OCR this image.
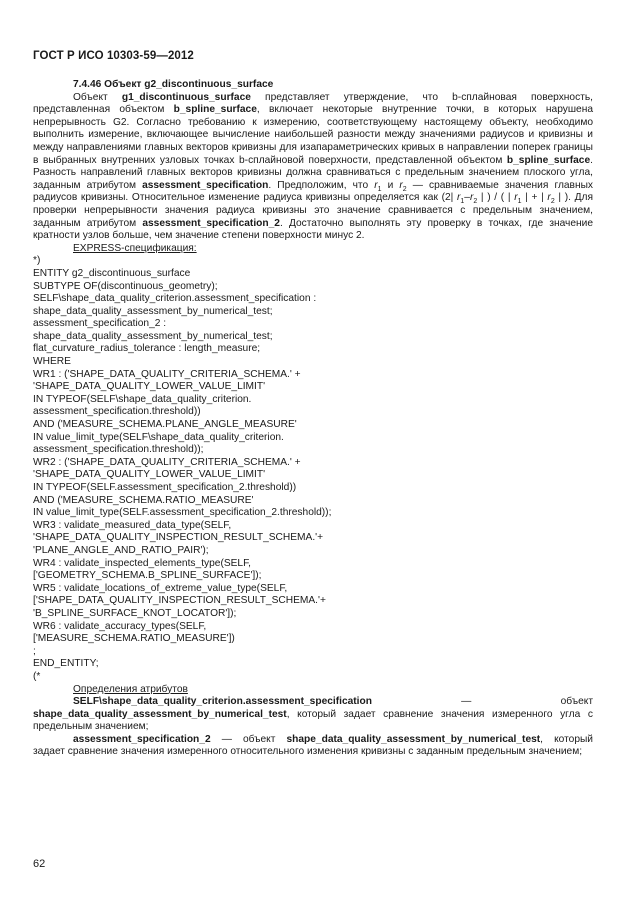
ГОСТ Р ИСО 10303-59—2012

7.4.46 Объект g2_discontinuous_surface

Объект g1_discontinuous_surface представляет утверждение, что b-сплайновая поверхность, представленная объектом b_spline_surface, включает некоторые внутренние точки, в которых нарушена непрерывность G2. Согласно требованию к измерению, соответствующему настоящему объекту, необходимо выполнить измерение, включающее вычисление наибольшей разности между значениями радиусов и кривизны и между направлениями главных векторов кривизны для изапараметрических кривых в направлении поперек границы в выбранных внутренних узловых точках b-сплайновой поверхности, представленной объектом b_spline_surface. Разность направлений главных векторов кривизны должна сравниваться с предельным значением плоского угла, заданным атрибутом assessment_specification. Предположим, что $r_1$ и $r_2$ — сравниваемые значения главных радиусов кривизны. Относительное изменение радиуса кривизны определяется как (2| $r_1-r_2$ | ) / ( | $r_1$ | + | $r_2$ | ). Для проверки непрерывности значения радиуса кривизны это значение сравнивается с предельным значением, заданным атрибутом assessment_specification_2. Достаточно выполнять эту проверку в точках, где значение кратности узлов больше, чем значение степени поверхности минус 2.

EXPRESS-спецификация:

*)
ENTITY g2_discontinuous_surface
SUBTYPE OF(discontinuous_geometry);
SELF\shape_data_quality_criterion.assessment_specification :
shape_data_quality_assessment_by_numerical_test;
assessment_specification_2 :
shape_data_quality_assessment_by_numerical_test;
flat_curvature_radius_tolerance : length_measure;
WHERE
WR1 : ('SHAPE_DATA_QUALITY_CRITERIA_SCHEMA.' +
'SHAPE_DATA_QUALITY_LOWER_VALUE_LIMIT'
IN TYPEOF(SELF\shape_data_quality_criterion.
assessment_specification.threshold))
AND ('MEASURE_SCHEMA.PLANE_ANGLE_MEASURE'
IN value_limit_type(SELF\shape_data_quality_criterion.
assessment_specification.threshold));
WR2 : ('SHAPE_DATA_QUALITY_CRITERIA_SCHEMA.' +
'SHAPE_DATA_QUALITY_LOWER_VALUE_LIMIT'
IN TYPEOF(SELF.assessment_specification_2.threshold))
AND ('MEASURE_SCHEMA.RATIO_MEASURE'
IN value_limit_type(SELF.assessment_specification_2.threshold));
WR3 : validate_measured_data_type(SELF,
'SHAPE_DATA_QUALITY_INSPECTION_RESULT_SCHEMA.'+
'PLANE_ANGLE_AND_RATIO_PAIR');
WR4 : validate_inspected_elements_type(SELF,
['GEOMETRY_SCHEMA.B_SPLINE_SURFACE']);
WR5 : validate_locations_of_extreme_value_type(SELF,
['SHAPE_DATA_QUALITY_INSPECTION_RESULT_SCHEMA.'+
'B_SPLINE_SURFACE_KNOT_LOCATOR']);
WR6 : validate_accuracy_types(SELF,
['MEASURE_SCHEMA.RATIO_MEASURE'])
;
END_ENTITY;
(*

Определения атрибутов

SELF\shape_data_quality_criterion.assessment_specification — объект shape_data_quality_assessment_by_numerical_test, который задает сравнение значения измеренного угла с предельным значением;

assessment_specification_2 — объект shape_data_quality_assessment_by_numerical_test, который задает сравнение значения измеренного относительного изменения кривизны с заданным предельным значением;

62
